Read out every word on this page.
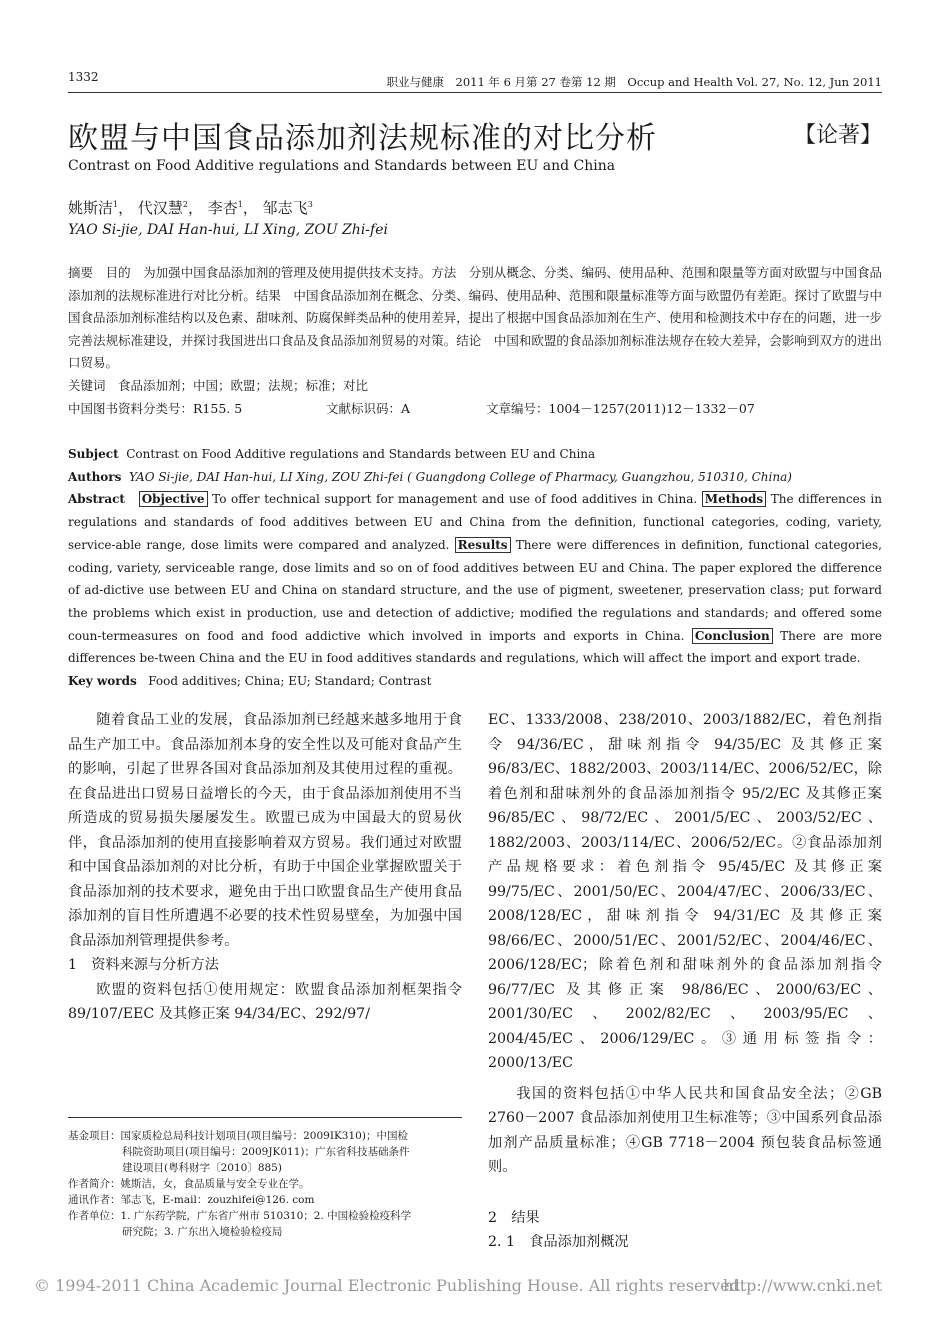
1332	职业与健康　2011 年 6 月第 27 卷第 12 期　Occup and Health Vol. 27, No. 12, Jun 2011
欧盟与中国食品添加剂法规标准的对比分析	【论著】
Contrast on Food Additive regulations and Standards between EU and China
姚斯洁$^1$， 代汉慧$^2$， 李杏$^1$， 邹志飞$^3$
YAO Si-jie, DAI Han-hui, LI Xing, ZOU Zhi-fei
摘要　目的　为加强中国食品添加剂的管理及使用提供技术支持。方法　分别从概念、分类、编码、使用品种、范围和限量等方面对欧盟与中国食品添加剂的法规标准进行对比分析。结果　中国食品添加剂在概念、分类、编码、使用品种、范围和限量标准等方面与欧盟仍有差距。探讨了欧盟与中国食品添加剂标准结构以及色素、甜味剂、防腐保鲜类品种的使用差异，提出了根据中国食品添加剂在生产、使用和检测技术中存在的问题，进一步完善法规标准建设，并探讨我国进出口食品及食品添加剂贸易的对策。结论　中国和欧盟的食品添加剂标准法规存在较大差异，会影响到双方的进出口贸易。
关键词　食品添加剂；中国；欧盟；法规；标准；对比
中国图书资料分类号：R155. 5	文献标识码：A	文章编号：1004－1257(2011)12－1332－07
Subject Contrast on Food Additive regulations and Standards between EU and China
Authors YAO Si-jie, DAI Han-hui, LI Xing, ZOU Zhi-fei ( Guangdong College of Pharmacy, Guangzhou, 510310, China)
Abstract Objective To offer technical support for management and use of food additives in China. Methods The differences in regulations and standards of food additives between EU and China from the definition, functional categories, coding, variety, service-able range, dose limits were compared and analyzed. Results There were differences in definition, functional categories, coding, variety, serviceable range, dose limits and so on of food additives between EU and China. The paper explored the difference of ad-dictive use between EU and China on standard structure, and the use of pigment, sweetener, preservation class; put forward the problems which exist in production, use and detection of addictive; modified the regulations and standards; and offered some coun-termeasures on food and food addictive which involved in imports and exports in China. Conclusion There are more differences be-tween China and the EU in food additives standards and regulations, which will affect the import and export trade.
Key words Food additives; China; EU; Standard; Contrast

随着食品工业的发展，食品添加剂已经越来越多地用于食品生产加工中。食品添加剂本身的安全性以及可能对食品产生的影响，引起了世界各国对食品添加剂及其使用过程的重视。在食品进出口贸易日益增长的今天，由于食品添加剂使用不当所造成的贸易损失屡屡发生。欧盟已成为中国最大的贸易伙伴，食品添加剂的使用直接影响着双方贸易。我们通过对欧盟和中国食品添加剂的对比分析，有助于中国企业掌握欧盟关于食品添加剂的技术要求，避免由于出口欧盟食品生产使用食品添加剂的盲目性所遭遇不必要的技术性贸易壁垒，为加强中国食品添加剂管理提供参考。

1　资料来源与分析方法

欧盟的资料包括①使用规定：欧盟食品添加剂框架指令 89/107/EEC 及其修正案 94/34/EC、292/97/

EC、1333/2008、238/2010、2003/1882/EC，着色剂指令 94/36/EC，甜味剂指令 94/35/EC 及其修正案 96/83/EC、1882/2003、2003/114/EC、2006/52/EC，除着色剂和甜味剂外的食品添加剂指令 95/2/EC 及其修正案 96/85/EC、98/72/EC、2001/5/EC、2003/52/EC、1882/2003、2003/114/EC、2006/52/EC。②食品添加剂产品规格要求：着色剂指令 95/45/EC 及其修正案 99/75/EC、2001/50/EC、2004/47/EC、2006/33/EC、2008/128/EC，甜味剂指令 94/31/EC 及其修正案 98/66/EC、2000/51/EC、2001/52/EC、2004/46/EC、2006/128/EC；除着色剂和甜味剂外的食品添加剂指令 96/77/EC 及其修正案 98/86/EC、2000/63/EC、2001/30/EC、2002/82/EC、2003/95/EC、2004/45/EC、2006/129/EC。③通用标签指令：2000/13/EC

我国的资料包括①中华人民共和国食品安全法；②GB 2760－2007 食品添加剂使用卫生标准等；③中国系列食品添加剂产品质量标准；④GB 7718－2004 预包装食品标签通则。

2　结果

2. 1　食品添加剂概况

基金项目：国家质检总局科技计划项目(项目编号：2009IK310)；中国检
科院资助项目(项目编号：2009JK011)；广东省科技基础条件
建设项目(粤科财字〔2010〕885)
作者简介：姚斯洁，女，食品质量与安全专业在学。
通讯作者：邹志飞，E-mail：zouzhifei@126. com
作者单位：1. 广东药学院，广东省广州市 510310；2. 中国检验检疫科学
研究院；3. 广东出入境检验检疫局
© 1994-2011 China Academic Journal Electronic Publishing House. All rights reserved.
http://www.cnki.net
